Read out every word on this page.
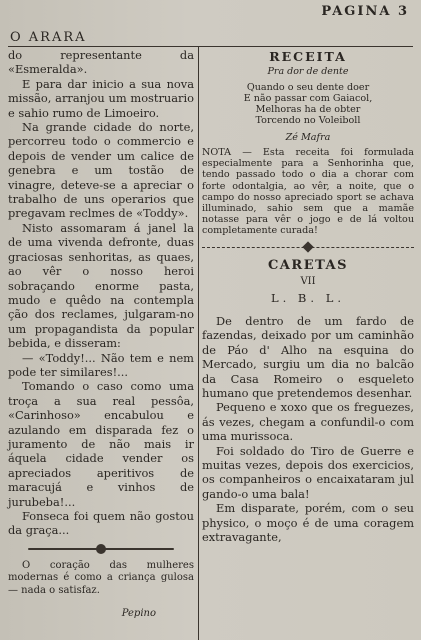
O ARARA
PAGINA 3

do representante da «Esmeralda».

E para dar inicio a sua nova missão, arranjou um mostruario e sahio rumo de Limoeiro.

Na grande cidade do norte, percorreu todo o commercio e depois de vender um calice de genebra e um tostão de vinagre, deteve-se a apreciar o trabalho de uns operarios que pregavam reclmes de «Toddy».

Nisto assomaram á janel la de uma vivenda defronte, duas graciosas senhoritas, as quaes, ao vêr o nosso heroi sobraçando enorme pasta, mudo e quêdo na contempla ção dos reclames, julgaram-no um propagandista da popular bebida, e disseram:

— «Toddy!... Não tem e nem pode ter similares!...

Tomando o caso como uma troça a sua real pessôa, «Carinhoso» encabulou e azulando em disparada fez o juramento de não mais ir áquela cidade vender os apreciados aperitivos de maracujá e vinhos de jurubeba!...

Fonseca foi quem não gostou da graça...

O coração das mulheres modernas é como a criança gulosa — nada o satisfaz.

Pepino
RECEITA
Pra dor de dente

Quando o seu dente doer

E não passar com Gaiacol,

Melhoras ha de obter

Torcendo no Voleiboll

Zé Mafra

NOTA — Esta receita foi formulada especialmente para a Senhorinha que, tendo passado todo o dia a chorar com forte odontalgia, ao vêr, a noite, que o campo do nosso apreciado sport se achava illuminado, sahio sem que a mamãe notasse para vêr o jogo e de lá voltou completamente curada!

CARETAS
VII
L. B. L.

De dentro de um fardo de fazendas, deixado por um caminhão de Páo d' Alho na esquina do Mercado, surgiu um dia no balcão da Casa Romeiro o esqueleto humano que pretendemos desenhar.

Pequeno e xoxo que os freguezes, ás vezes, chegam a confundil-o com uma murissoca.

Foi soldado do Tiro de Guerre e muitas vezes, depois dos exercicios, os companheiros o encaixataram jul gando-o uma bala!

Em disparate, porém, com o seu physico, o moço é de uma coragem extravagante,
